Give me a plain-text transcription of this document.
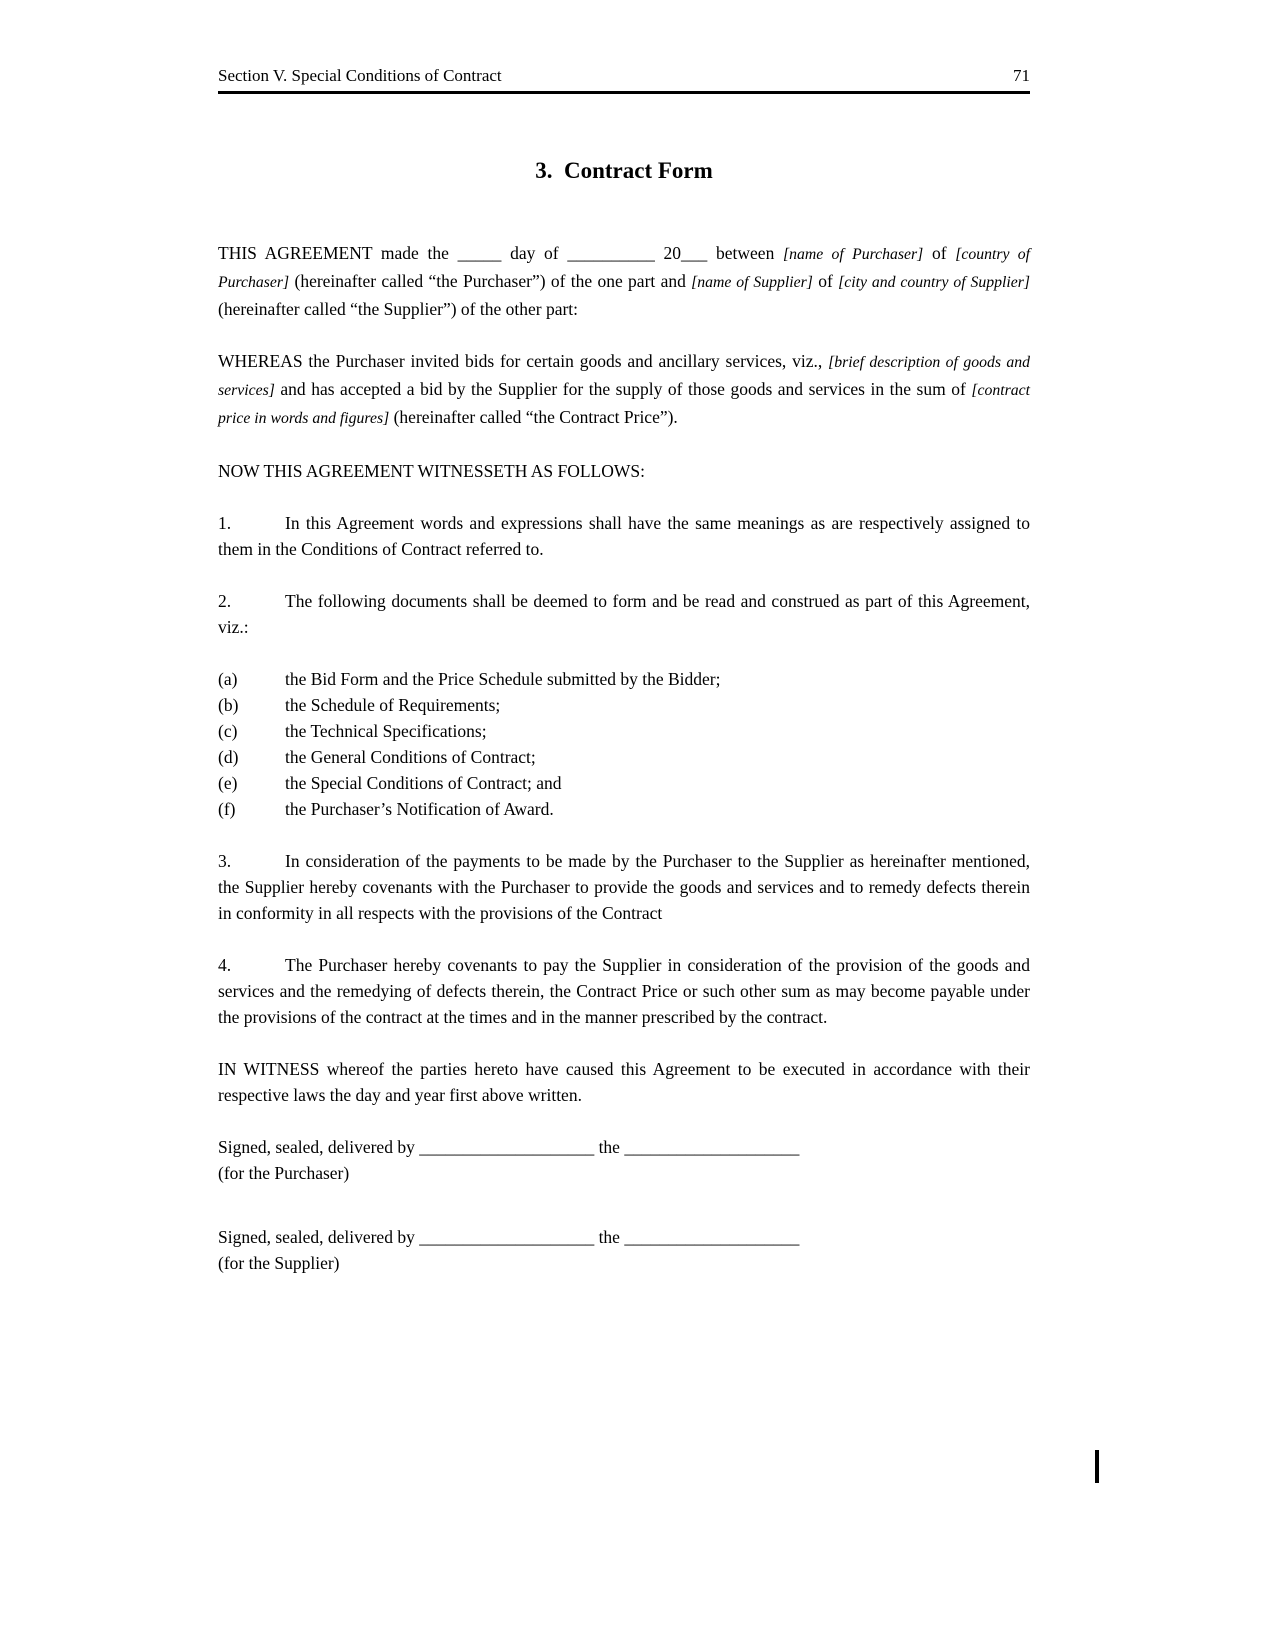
Section V. Special Conditions of Contract	71
3.  Contract Form

THIS AGREEMENT made the _____ day of __________ 20___ between [name of Purchaser] of [country of Purchaser] (hereinafter called “the Purchaser”) of the one part and [name of Supplier] of [city and country of Supplier] (hereinafter called “the Supplier”) of the other part:

WHEREAS the Purchaser invited bids for certain goods and ancillary services, viz., [brief description of goods and services] and has accepted a bid by the Supplier for the supply of those goods and services in the sum of [contract price in words and figures] (hereinafter called “the Contract Price”).

NOW THIS AGREEMENT WITNESSETH AS FOLLOWS:

1.	In this Agreement words and expressions shall have the same meanings as are respectively assigned to them in the Conditions of Contract referred to.

2.	The following documents shall be deemed to form and be read and construed as part of this Agreement, viz.:

(a)	the Bid Form and the Price Schedule submitted by the Bidder;
(b)	the Schedule of Requirements;
(c)	the Technical Specifications;
(d)	the General Conditions of Contract;
(e)	the Special Conditions of Contract; and
(f)	the Purchaser’s Notification of Award.

3.	In consideration of the payments to be made by the Purchaser to the Supplier as hereinafter mentioned, the Supplier hereby covenants with the Purchaser to provide the goods and services and to remedy defects therein in conformity in all respects with the provisions of the Contract

4.	The Purchaser hereby covenants to pay the Supplier in consideration of the provision of the goods and services and the remedying of defects therein, the Contract Price or such other sum as may become payable under the provisions of the contract at the times and in the manner prescribed by the contract.

IN WITNESS whereof the parties hereto have caused this Agreement to be executed in accordance with their respective laws the day and year first above written.

Signed, sealed, delivered by ____________________ the ____________________

(for the Purchaser)

Signed, sealed, delivered by ____________________ the ____________________

(for the Supplier)
